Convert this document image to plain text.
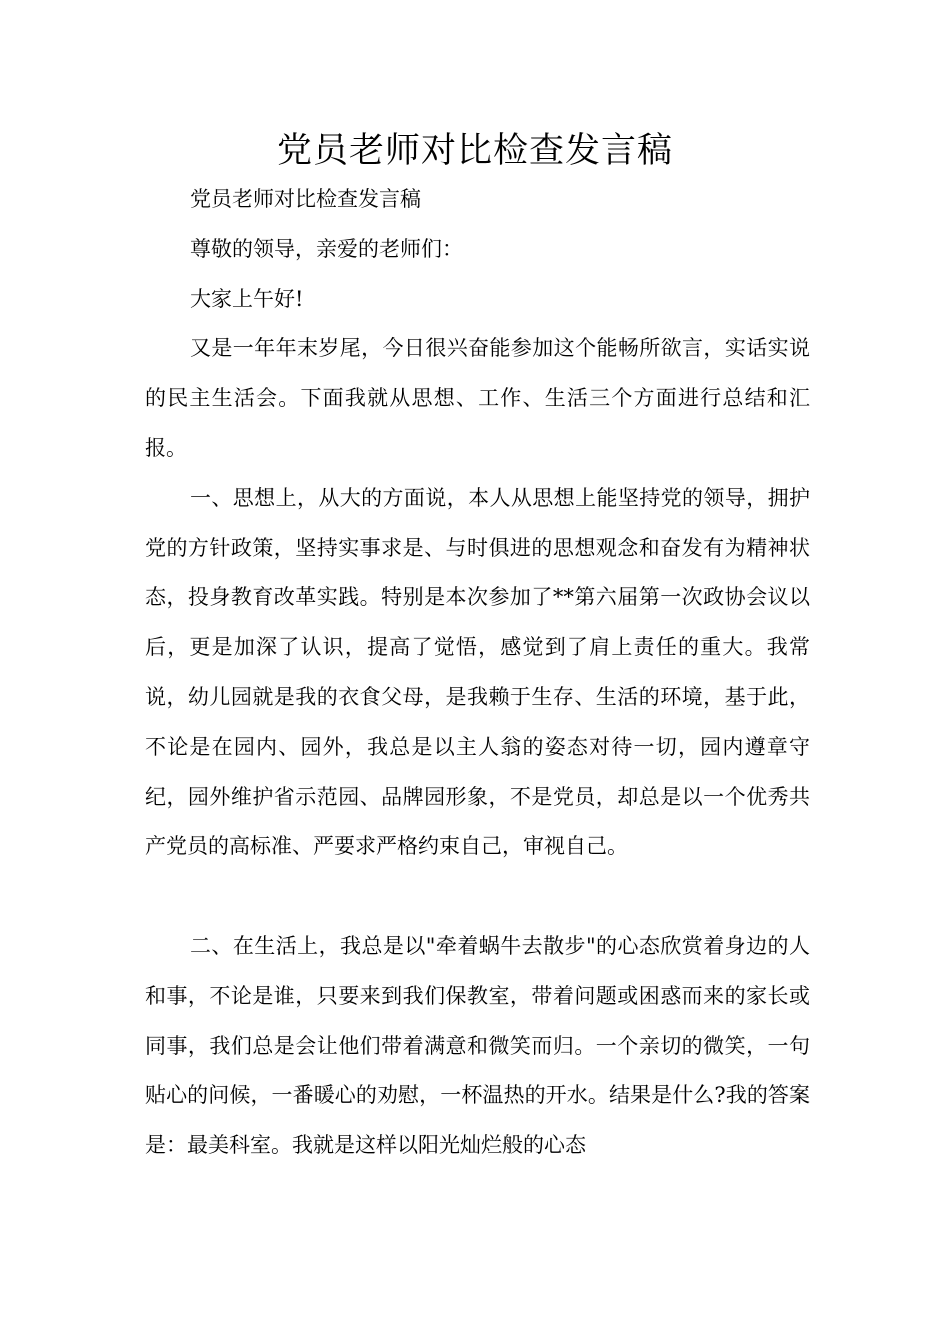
党员老师对比检查发言稿

党员老师对比检查发言稿

尊敬的领导，亲爱的老师们：

大家上午好!

又是一年年末岁尾，今日很兴奋能参加这个能畅所欲言，实话实说的民主生活会。下面我就从思想、工作、生活三个方面进行总结和汇报。

一、思想上，从大的方面说，本人从思想上能坚持党的领导，拥护党的方针政策，坚持实事求是、与时俱进的思想观念和奋发有为精神状态，投身教育改革实践。特别是本次参加了**第六届第一次政协会议以后，更是加深了认识，提高了觉悟，感觉到了肩上责任的重大。我常说，幼儿园就是我的衣食父母，是我赖于生存、生活的环境，基于此，不论是在园内、园外，我总是以主人翁的姿态对待一切，园内遵章守纪，园外维护省示范园、品牌园形象，不是党员，却总是以一个优秀共产党员的高标准、严要求严格约束自己，审视自己。

二、在生活上，我总是以"牵着蜗牛去散步"的心态欣赏着身边的人和事，不论是谁，只要来到我们保教室，带着问题或困惑而来的家长或同事，我们总是会让他们带着满意和微笑而归。一个亲切的微笑，一句贴心的问候，一番暖心的劝慰，一杯温热的开水。结果是什么?我的答案是：最美科室。我就是这样以阳光灿烂般的心态
